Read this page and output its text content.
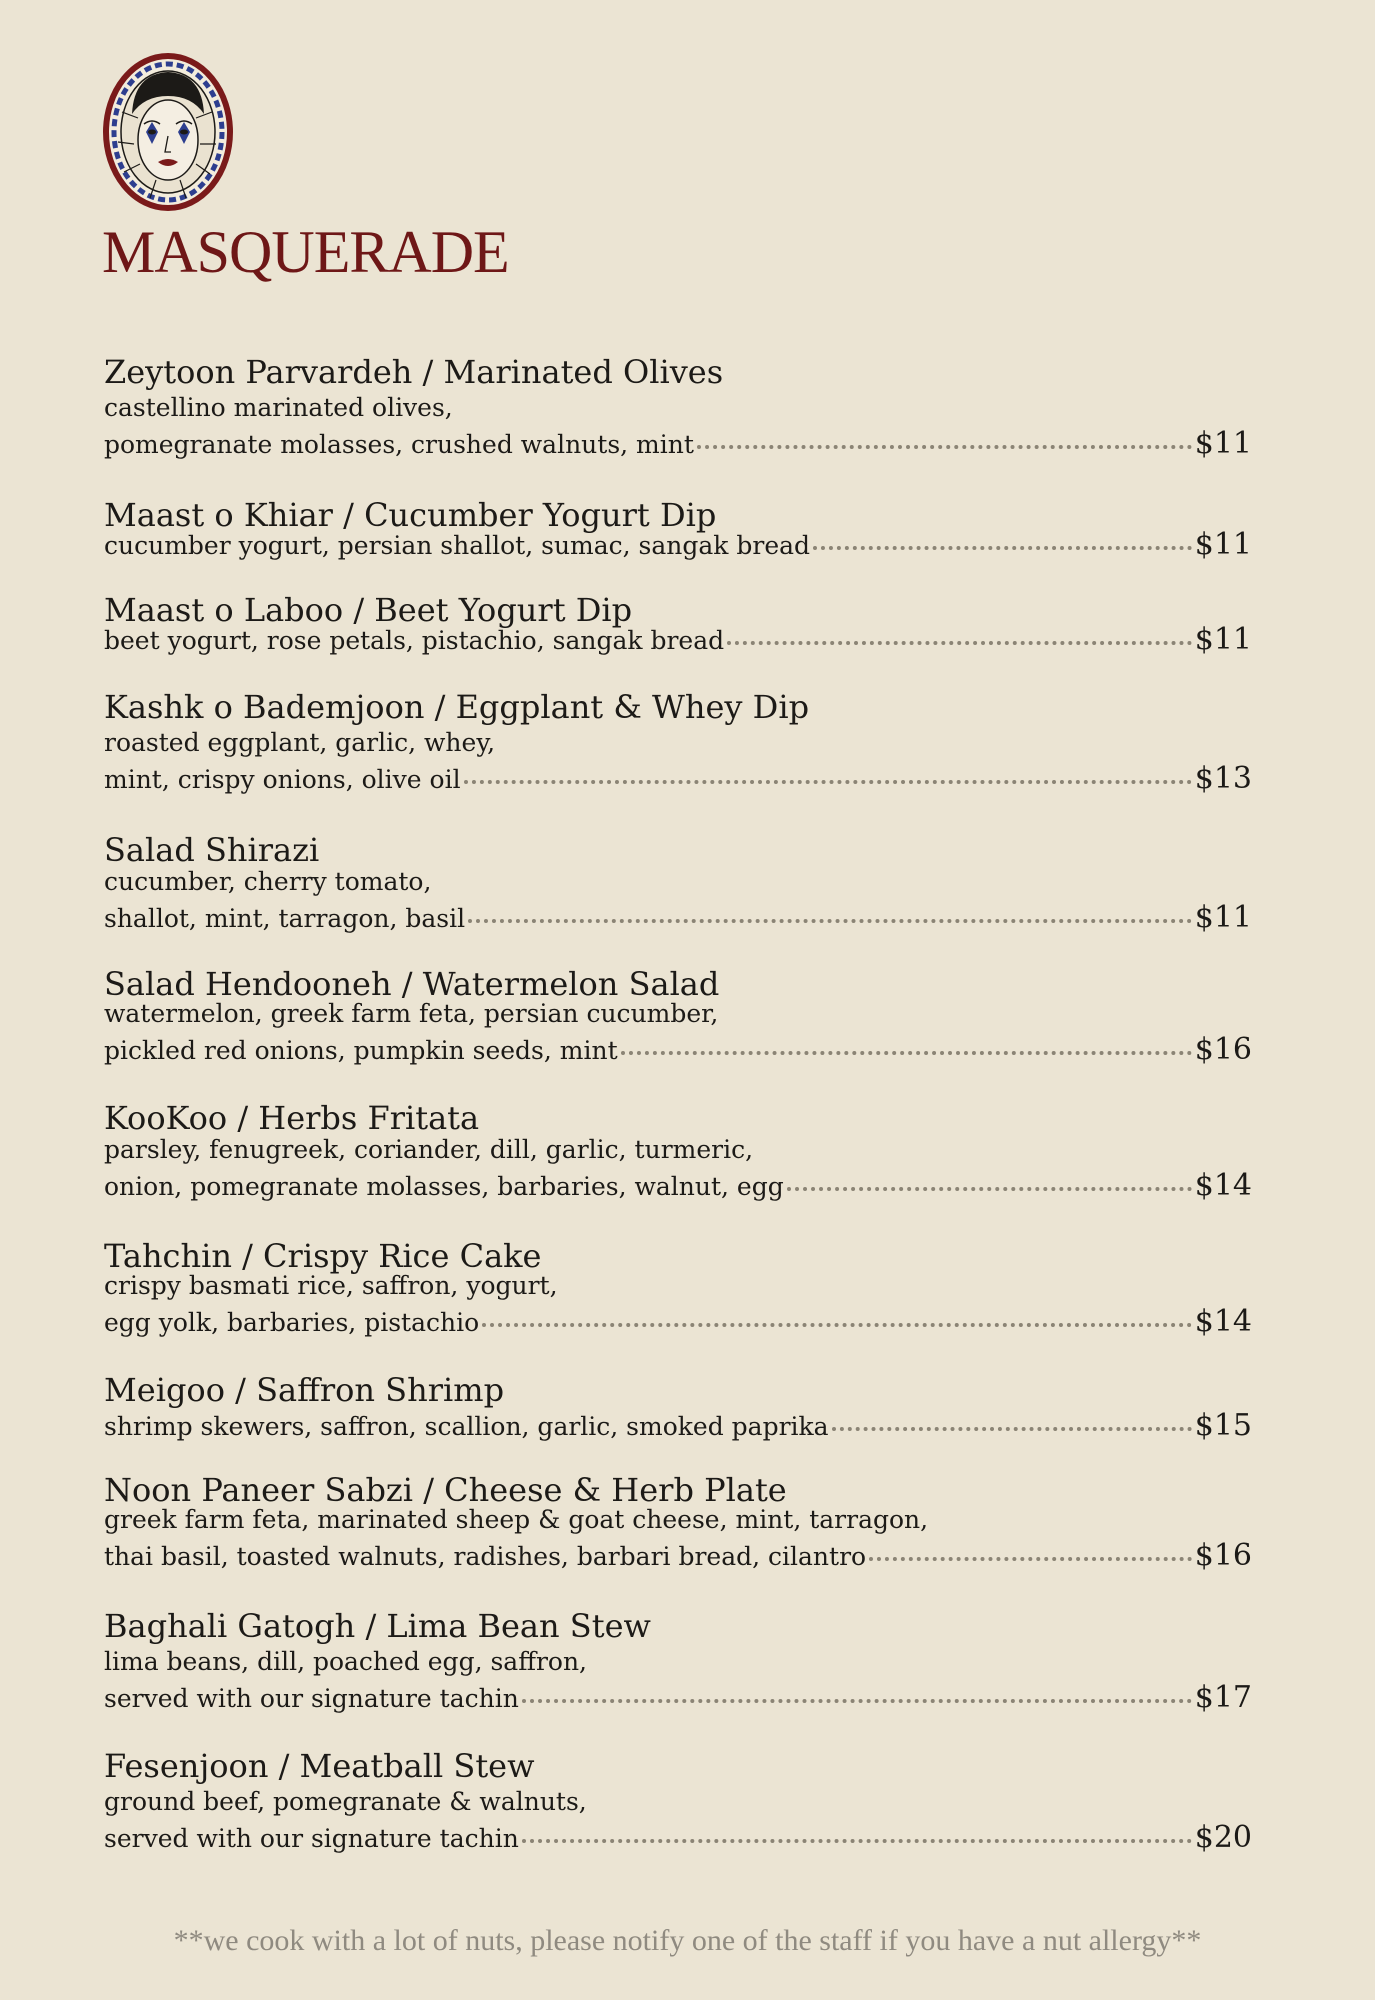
MASQUERADE
Zeytoon Parvardeh / Marinated Olives
castellino marinated olives,
pomegranate molasses, crushed walnuts, mint	$11
Maast o Khiar / Cucumber Yogurt Dip
cucumber yogurt, persian shallot, sumac, sangak bread	$11
Maast o Laboo / Beet Yogurt Dip
beet yogurt, rose petals, pistachio, sangak bread	$11
Kashk o Bademjoon / Eggplant & Whey Dip
roasted eggplant, garlic, whey,
mint, crispy onions, olive oil	$13
Salad Shirazi
cucumber, cherry tomato,
shallot, mint, tarragon, basil	$11
Salad Hendooneh / Watermelon Salad
watermelon, greek farm feta, persian cucumber,
pickled red onions, pumpkin seeds, mint	$16
KooKoo / Herbs Fritata
parsley, fenugreek, coriander, dill, garlic, turmeric,
onion, pomegranate molasses, barbaries, walnut, egg	$14
Tahchin / Crispy Rice Cake
crispy basmati rice, saffron, yogurt,
egg yolk, barbaries, pistachio	$14
Meigoo / Saffron Shrimp
shrimp skewers, saffron, scallion, garlic, smoked paprika	$15
Noon Paneer Sabzi / Cheese & Herb Plate
greek farm feta, marinated sheep & goat cheese, mint, tarragon,
thai basil, toasted walnuts, radishes, barbari bread, cilantro	$16
Baghali Gatogh / Lima Bean Stew
lima beans, dill, poached egg, saffron,
served with our signature tachin	$17
Fesenjoon / Meatball Stew
ground beef, pomegranate & walnuts,
served with our signature tachin	$20
**we cook with a lot of nuts, please notify one of the staff if you have a nut allergy**
